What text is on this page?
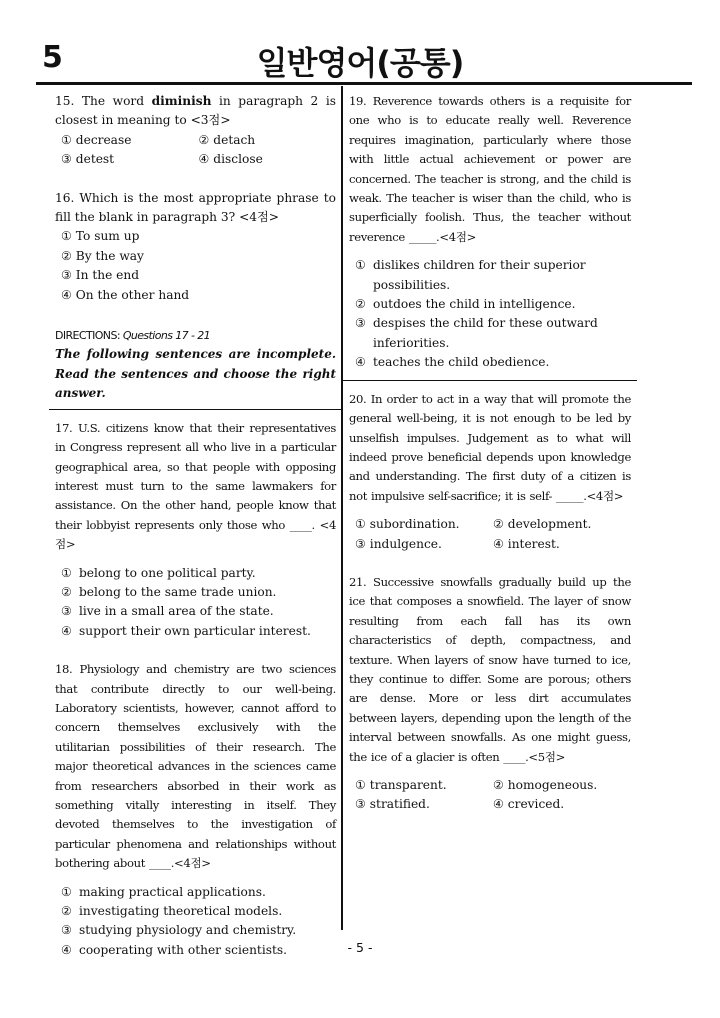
5	일반영어(공통)

15. The word diminish in paragraph 2 is closest in meaning to <3점>

① decrease	② detach
③ detest	④ disclose

16. Which is the most appropriate phrase to fill the blank in paragraph 3? <4점>

① To sum up
② By the way
③ In the end
④ On the other hand
DIRECTIONS: Questions 17 - 21

The following sentences are incomplete. Read the sentences and choose the right answer.

17. U.S. citizens know that their representatives in Congress represent all who live in a particular geographical area, so that people with opposing interest must turn to the same lawmakers for assistance. On the other hand, people know that their lobbyist represents only those who ____. <4점>

① belong to one political party.
② belong to the same trade union.
③ live in a small area of the state.
④ support their own particular interest.

18. Physiology and chemistry are two sciences that contribute directly to our well-being. Laboratory scientists, however, cannot afford to concern themselves exclusively with the utilitarian possibilities of their research. The major theoretical advances in the sciences came from researchers absorbed in their work as something vitally interesting in itself. They devoted themselves to the investigation of particular phenomena and relationships without bothering about ____.<4점>

① making practical applications.
② investigating theoretical models.
③ studying physiology and chemistry.
④ cooperating with other scientists.

19. Reverence towards others is a requisite for one who is to educate really well. Reverence requires imagination, particularly where those with little actual achievement or power are concerned. The teacher is strong, and the child is weak. The teacher is wiser than the child, who is superficially foolish. Thus, the teacher without reverence _____.<4점>

① dislikes children for their superior possibilities.
② outdoes the child in intelligence.
③ despises the child for these outward inferiorities.
④ teaches the child obedience.

20. In order to act in a way that will promote the general well-being, it is not enough to be led by unselfish impulses. Judgement as to what will indeed prove beneficial depends upon knowledge and understanding. The first duty of a citizen is not impulsive self-sacrifice; it is self- _____.<4점>

① subordination.	② development.
③ indulgence.	④ interest.

21. Successive snowfalls gradually build up the ice that composes a snowfield. The layer of snow resulting from each fall has its own characteristics of depth, compactness, and texture. When layers of snow have turned to ice, they continue to differ. Some are porous; others are dense. More or less dirt accumulates between layers, depending upon the length of the interval between snowfalls. As one might guess, the ice of a glacier is often ____.<5점>

① transparent.	② homogeneous.
③ stratified.	④ creviced.
- 5 -
